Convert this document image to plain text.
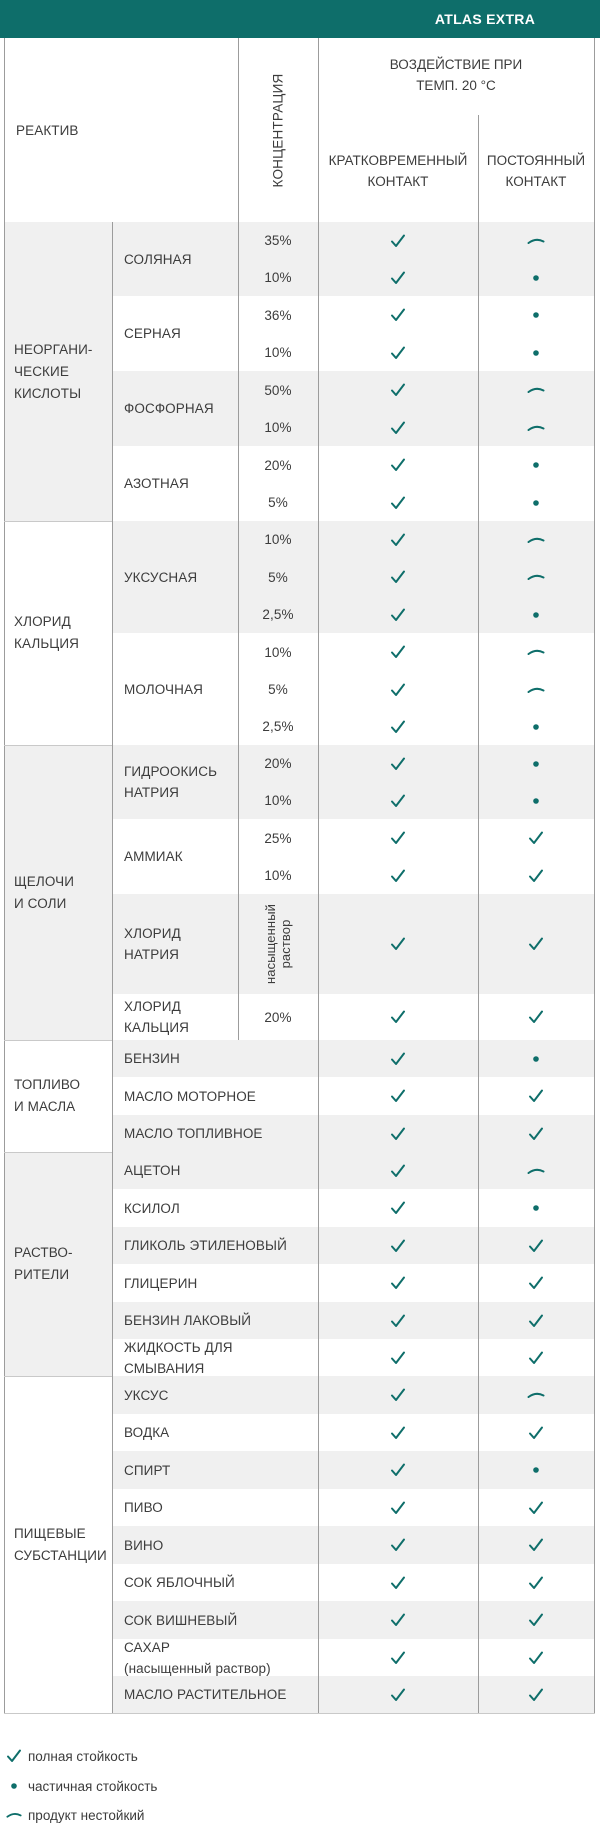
ATLAS EXTRA
РЕАКТИВ	КОНЦЕНТРАЦИЯ
ВОЗДЕЙСТВИЕ ПРИ
ТЕМП. 20 °C
КРАТКОВРЕМЕННЫЙ
КОНТАКТ
ПОСТОЯННЫЙ
КОНТАКТ
НЕОРГАНИ-
ЧЕСКИЕ
КИСЛОТЫ
ХЛОРИД
КАЛЬЦИЯ
ЩЕЛОЧИ
И СОЛИ
ТОПЛИВО
И МАСЛА
РАСТВО-
РИТЕЛИ
ПИЩЕВЫЕ
СУБСТАНЦИИ
СОЛЯНАЯ
СЕРНАЯ
ФОСФОРНАЯ
АЗОТНАЯ
УКСУСНАЯ
МОЛОЧНАЯ
ГИДРООКИСЬ
НАТРИЯ
АММИАК
ХЛОРИД
НАТРИЯ
ХЛОРИД
КАЛЬЦИЯ
БЕНЗИН
МАСЛО МОТОРНОЕ
МАСЛО ТОПЛИВНОЕ
АЦЕТОН
КСИЛОЛ
ГЛИКОЛЬ ЭТИЛЕНОВЫЙ
ГЛИЦЕРИН
БЕНЗИН ЛАКОВЫЙ
ЖИДКОСТЬ ДЛЯ
СМЫВАНИЯ
УКСУС
ВОДКА
СПИРТ
ПИВО
ВИНО
СОК ЯБЛОЧНЫЙ
СОК ВИШНЕВЫЙ
САХАР
(насыщенный раствор)
МАСЛО РАСТИТЕЛЬНОЕ
35%
10%
36%
10%
50%
10%
20%
5%
10%
5%
2,5%
10%
5%
2,5%
20%
10%
25%
10%
насыщенный раствор
20%
полная стойкость
частичная стойкость
продукт нестойкий
